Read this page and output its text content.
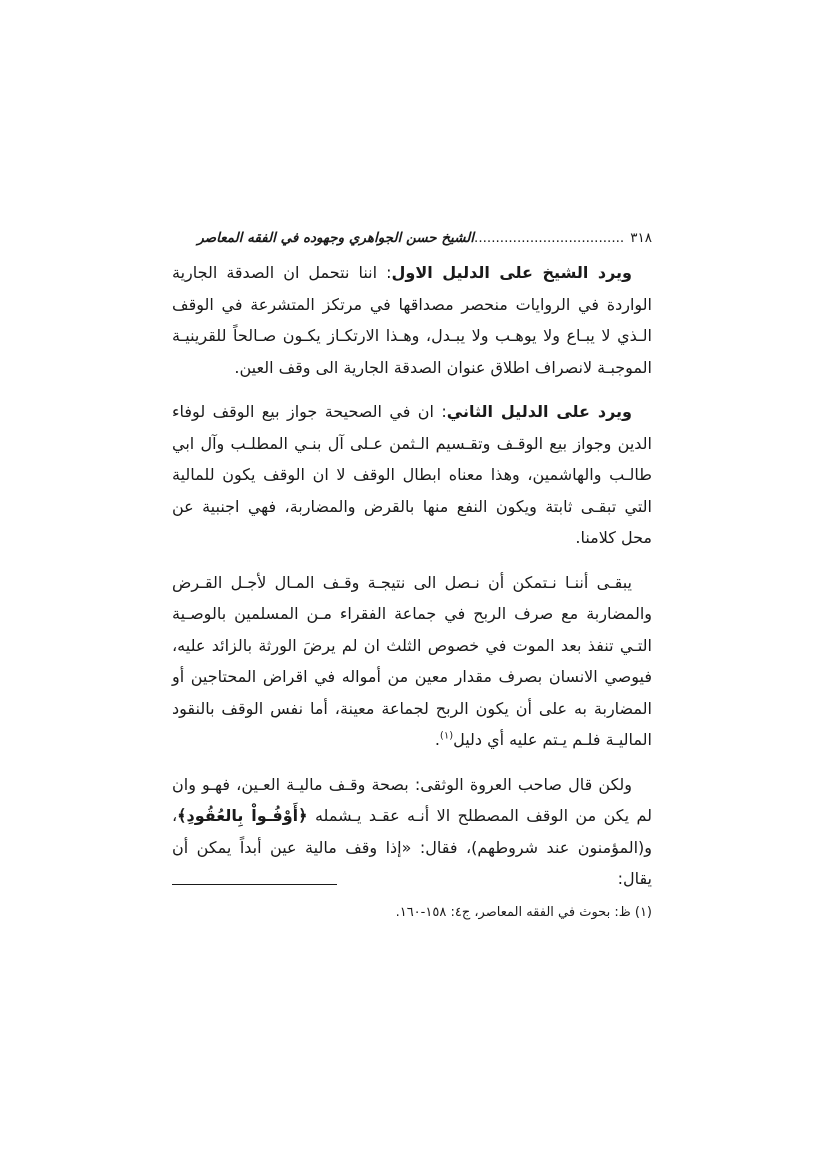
٣١٨
...................................
الشيخ حسن الجواهري وجهوده في الفقه المعاصر

ويرد الشيخ على الدليل الاول: اننا نتحمل ان الصدقة الجارية الواردة في الروايات منحصر مصداقها في مرتكز المتشرعة في الوقف الـذي لا يبـاع ولا يوهـب ولا يبـدل، وهـذا الارتكـاز يكـون صـالحاً للقرينيـة الموجبـة لانصراف اطلاق عنوان الصدقة الجارية الى وقف العين.

ويرد على الدليل الثاني: ان في الصحيحة جواز بيع الوقف لوفاء الدين وجواز بيع الوقـف وتقـسيم الـثمن عـلى آل بنـي المطلـب وآل ابي طالـب والهاشمين، وهذا معناه ابطال الوقف لا ان الوقف يكون للمالية التي تبقـى ثابتة ويكون النفع منها بالقرض والمضاربة، فهي اجنبية عن محل كلامنا.

يبقـى أننـا نـتمكن أن نـصل الى نتيجـة وقـف المـال لأجـل القـرض والمضاربة مع صرف الربح في جماعة الفقراء مـن المسلمين بالوصـية التـي تنفذ بعد الموت في خصوص الثلث ان لم يرضَ الورثة بالزائد عليه، فيوصي الانسان بصرف مقدار معين من أمواله في اقراض المحتاجين أو المضاربة به على أن يكون الربح لجماعة معينة، أما نفس الوقف بالنقود الماليـة فلـم يـتم عليه أي دليل$^{(١)}$.

ولكن قال صاحب العروة الوثقى: بصحة وقـف ماليـة العـين، فهـو وان لم يكن من الوقف المصطلح الا أنـه عقـد يـشمله ﴿أَوْفُـواْ بِالعُقُودِ﴾، و(المؤمنون عند شروطهم)، فقال: «إذا وقف مالية عين أبداً يمكن أن يقال:

(١) ظ: بحوث في الفقه المعاصر، ج٤: ١٥٨-١٦٠.
